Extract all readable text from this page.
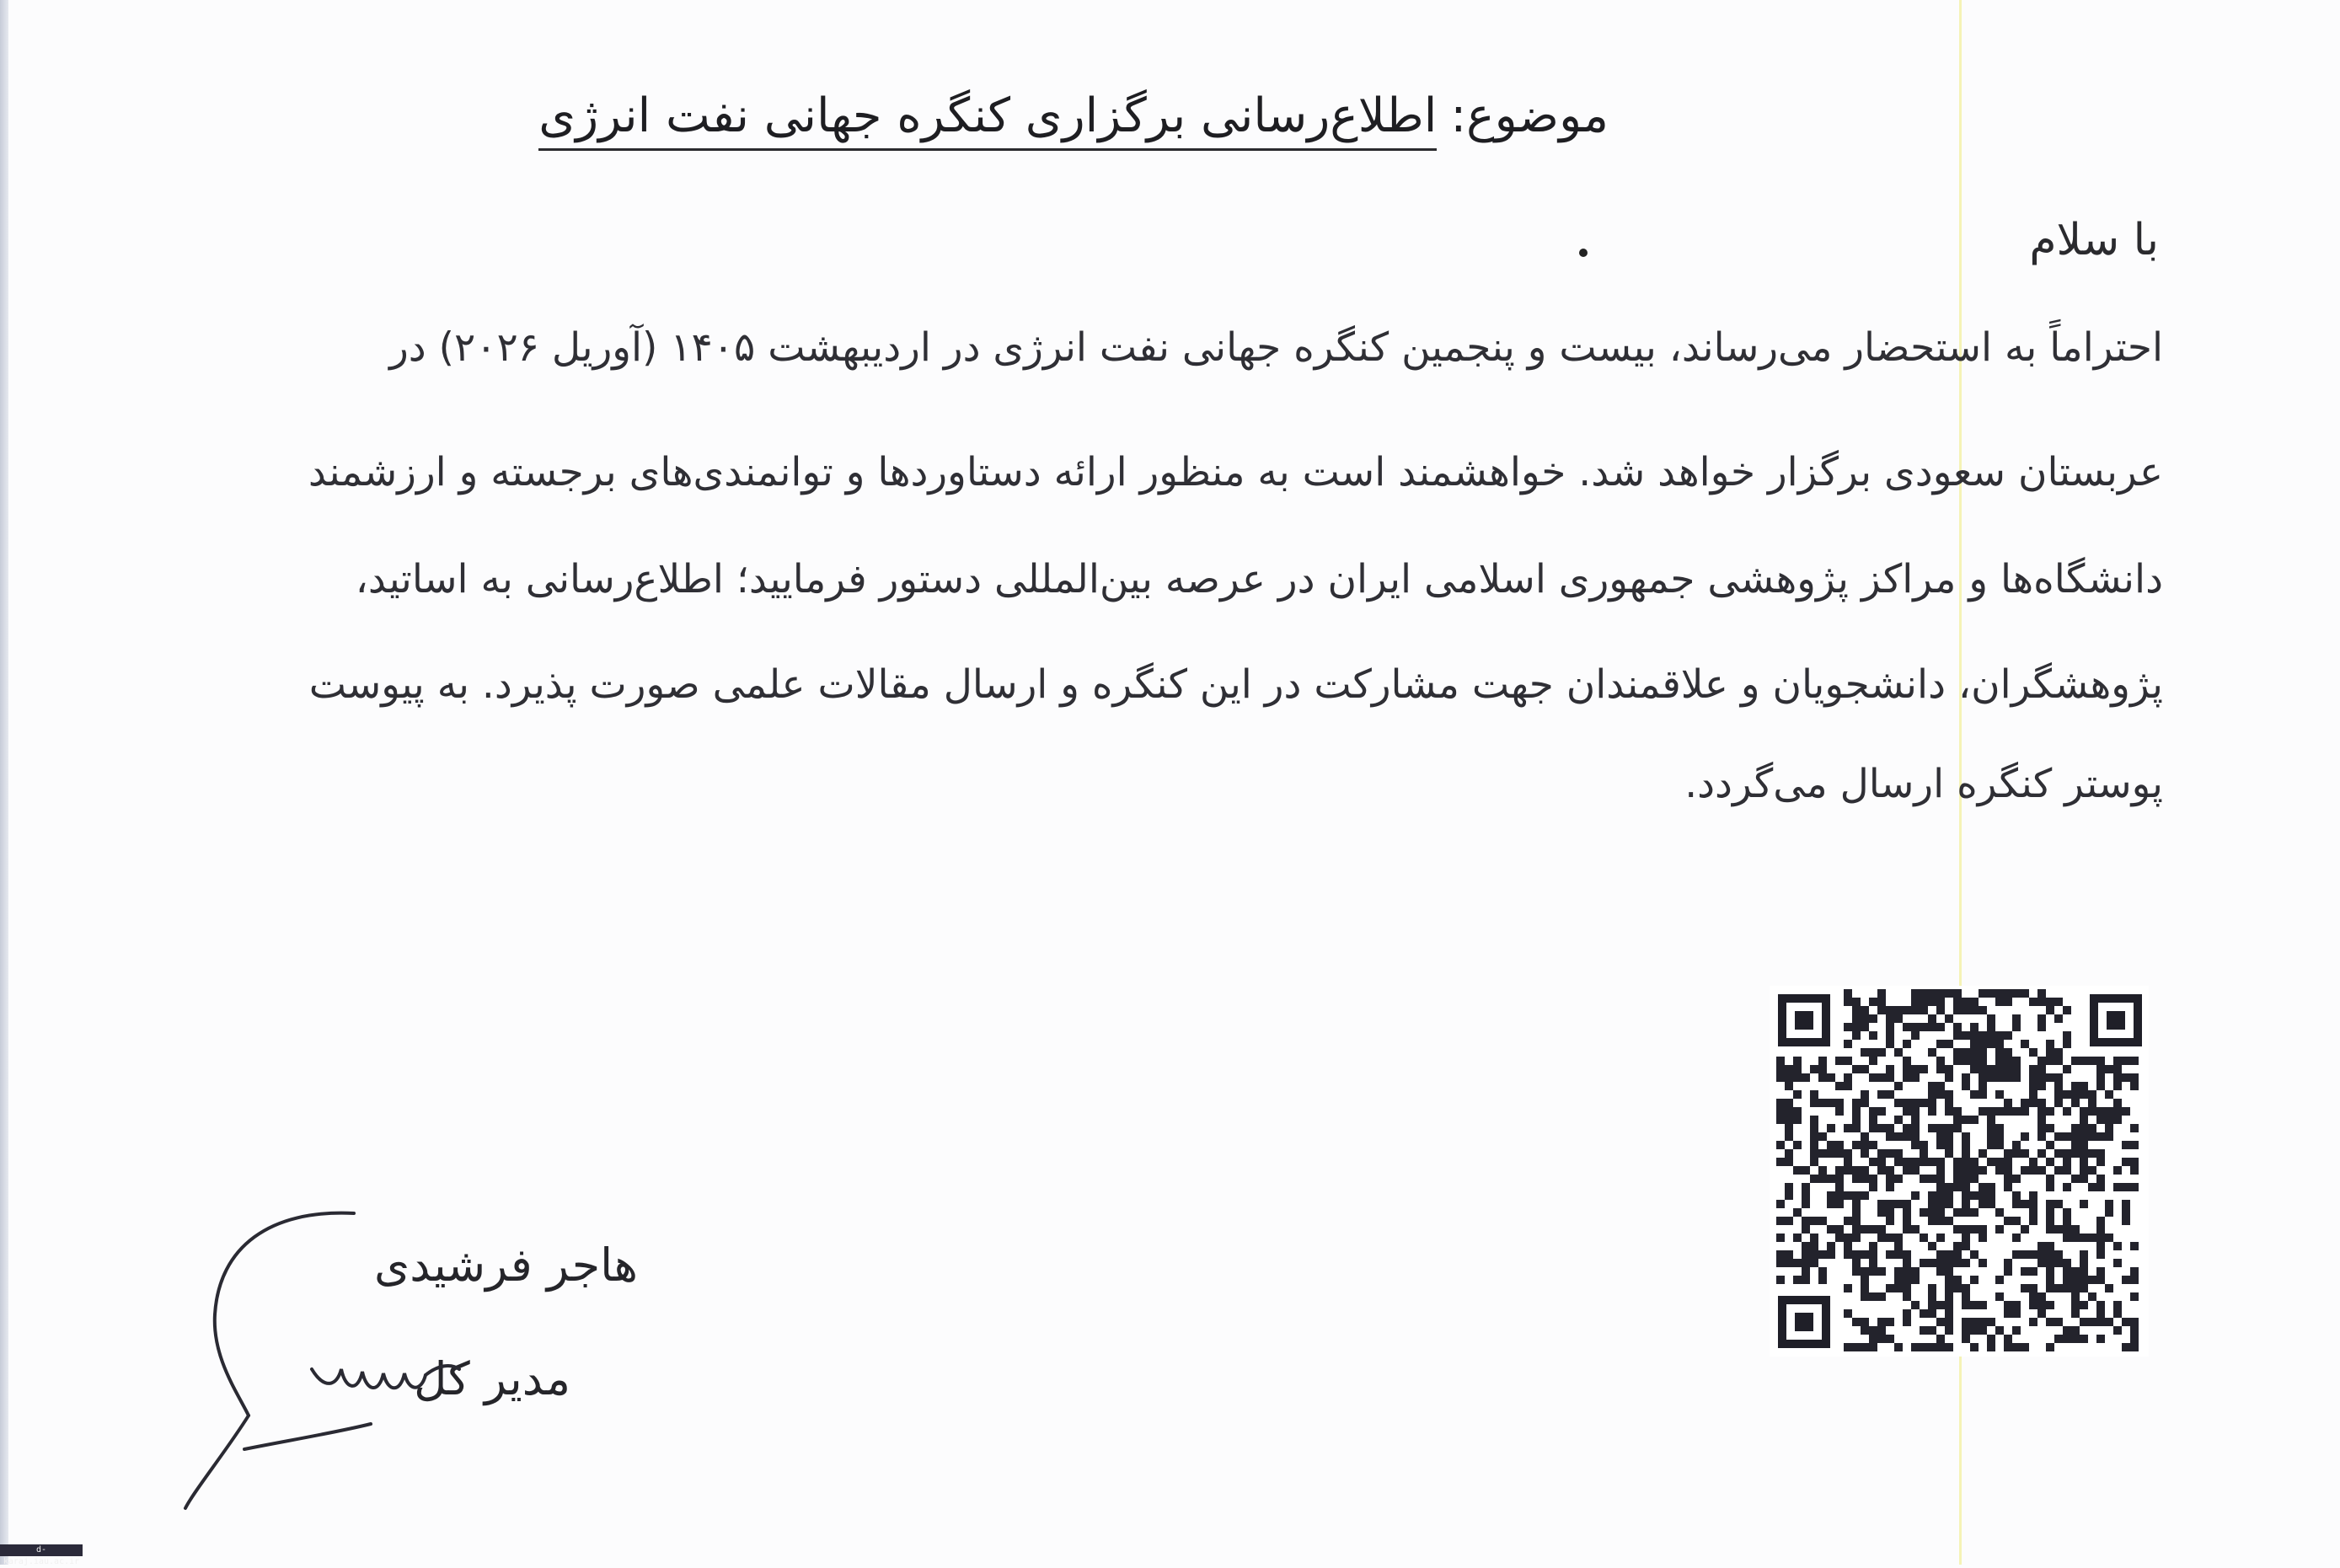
موضوع:اطلاع‌رسانی برگزاری کنگره جهانی نفت انرژی
با سلام
احتراماً به استحضار می‌رساند، بیست و پنجمین کنگره جهانی نفت انرژی در اردیبهشت ۱۴۰۵ (آوریل ۲۰۲۶) در
عربستان سعودی برگزار خواهد شد. خواهشمند است به منظور ارائه دستاوردها و توانمندی‌های برجسته و ارزشمند
دانشگاه‌ها و مراکز پژوهشی جمهوری اسلامی ایران در عرصه بین‌المللی دستور فرمایید؛ اطلاع‌رسانی به اساتید،
پژوهشگران، دانشجویان و علاقمندان جهت مشارکت در این کنگره و ارسال مقالات علمی صورت پذیرد. به پیوست
پوستر کنگره ارسال می‌گردد.
هاجر فرشیدی
مدیر کل
d-karaj.iau.ac.ir
